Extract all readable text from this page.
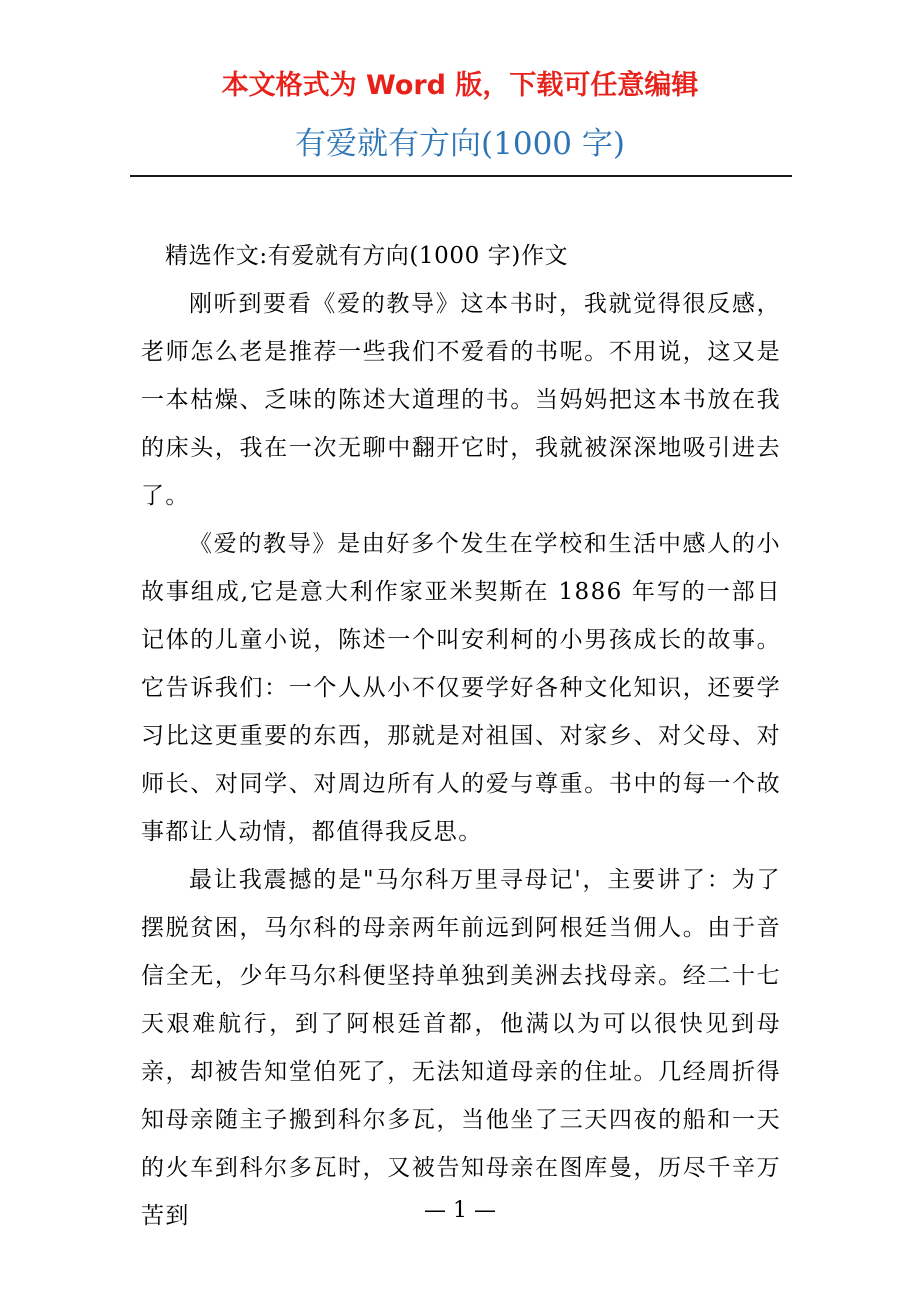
本文格式为 Word 版，下载可任意编辑
有爱就有方向(1000 字)

精选作文:有爱就有方向(1000 字)作文

刚听到要看《爱的教导》这本书时，我就觉得很反感，老师怎么老是推荐一些我们不爱看的书呢。不用说，这又是一本枯燥、乏味的陈述大道理的书。当妈妈把这本书放在我的床头，我在一次无聊中翻开它时，我就被深深地吸引进去了。

《爱的教导》是由好多个发生在学校和生活中感人的小故事组成,它是意大利作家亚米契斯在 1886 年写的一部日记体的儿童小说，陈述一个叫安利柯的小男孩成长的故事。它告诉我们：一个人从小不仅要学好各种文化知识，还要学习比这更重要的东西，那就是对祖国、对家乡、对父母、对师长、对同学、对周边所有人的爱与尊重。书中的每一个故事都让人动情，都值得我反思。

最让我震撼的是"马尔科万里寻母记'，主要讲了：为了摆脱贫困，马尔科的母亲两年前远到阿根廷当佣人。由于音信全无，少年马尔科便坚持单独到美洲去找母亲。经二十七天艰难航行，到了阿根廷首都，他满以为可以很快见到母亲，却被告知堂伯死了，无法知道母亲的住址。几经周折得知母亲随主子搬到科尔多瓦，当他坐了三天四夜的船和一天的火车到科尔多瓦时，又被告知母亲在图库曼，历尽千辛万苦到	— 1 —
